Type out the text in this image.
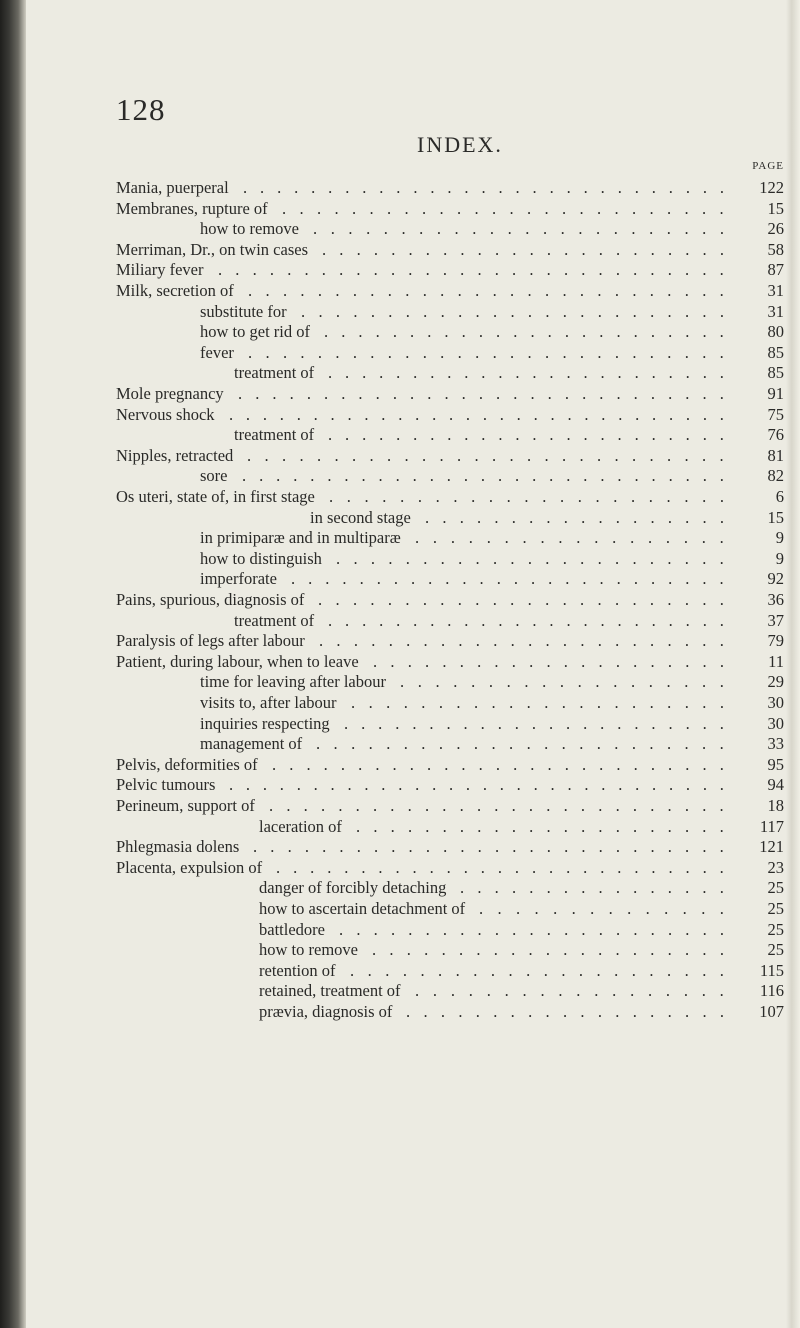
128
INDEX.
PAGE
Mania, puerperal . . . . . . . . . . . . . . . . . . . . . . . . . . . . .	122
Membranes, rupture of . . . . . . . . . . . . . . . . . . . . . . . . . .	15
how to remove . . . . . . . . . . . . . . . . . . . . . . . .	26
Merriman, Dr., on twin cases . . . . . . . . . . . . . . . . . . . . . . . .	58
Miliary fever . . . . . . . . . . . . . . . . . . . . . . . . . . . . . .	87
Milk, secretion of . . . . . . . . . . . . . . . . . . . . . . . . . . . .	31
substitute for . . . . . . . . . . . . . . . . . . . . . . . . .	31
how to get rid of . . . . . . . . . . . . . . . . . . . . . . . .	80
fever . . . . . . . . . . . . . . . . . . . . . . . . . . . .	85
treatment of . . . . . . . . . . . . . . . . . . . . . . . .	85
Mole pregnancy . . . . . . . . . . . . . . . . . . . . . . . . . . . . .	91
Nervous shock . . . . . . . . . . . . . . . . . . . . . . . . . . . . . .	75
treatment of . . . . . . . . . . . . . . . . . . . . . . . .	76
Nipples, retracted . . . . . . . . . . . . . . . . . . . . . . . . . . . .	81
sore . . . . . . . . . . . . . . . . . . . . . . . . . . . . .	82
Os uteri, state of, in first stage . . . . . . . . . . . . . . . . . . . . . . .	6
in second stage . . . . . . . . . . . . . . . . . .	15
in primiparæ and in multiparæ . . . . . . . . . . . . . . . . . .	9
how to distinguish . . . . . . . . . . . . . . . . . . . . . . .	9
imperforate . . . . . . . . . . . . . . . . . . . . . . . . . .	92
Pains, spurious, diagnosis of . . . . . . . . . . . . . . . . . . . . . . . .	36
treatment of . . . . . . . . . . . . . . . . . . . . . . . .	37
Paralysis of legs after labour . . . . . . . . . . . . . . . . . . . . . . . .	79
Patient, during labour, when to leave . . . . . . . . . . . . . . . . . . . . .	11
time for leaving after labour . . . . . . . . . . . . . . . . . . .	29
visits to, after labour . . . . . . . . . . . . . . . . . . . . . .	30
inquiries respecting . . . . . . . . . . . . . . . . . . . . . . .	30
management of . . . . . . . . . . . . . . . . . . . . . . . .	33
Pelvis, deformities of . . . . . . . . . . . . . . . . . . . . . . . . . . .	95
Pelvic tumours . . . . . . . . . . . . . . . . . . . . . . . . . . . . . .	94
Perineum, support of . . . . . . . . . . . . . . . . . . . . . . . . . . .	18
laceration of . . . . . . . . . . . . . . . . . . . . . .	117
Phlegmasia dolens . . . . . . . . . . . . . . . . . . . . . . . . . . . .	121
Placenta, expulsion of . . . . . . . . . . . . . . . . . . . . . . . . . . .	23
danger of forcibly detaching . . . . . . . . . . . . . . . .	25
how to ascertain detachment of . . . . . . . . . . . . . .	25
battledore . . . . . . . . . . . . . . . . . . . . . . .	25
how to remove . . . . . . . . . . . . . . . . . . . . .	25
retention of . . . . . . . . . . . . . . . . . . . . . .	115
retained, treatment of . . . . . . . . . . . . . . . . . .	116
prævia, diagnosis of . . . . . . . . . . . . . . . . . . .	107
